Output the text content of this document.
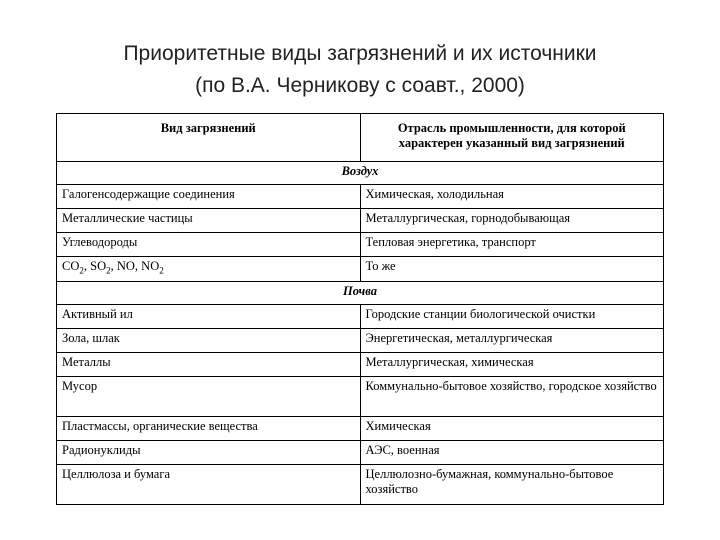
Приоритетные виды загрязнений и их источники
(по В.А. Черникову с соавт., 2000)
Вид загрязнений	Отрасль промышленности, для которой характерен указанный вид загрязнений
Воздух	
Галогенсодержащие соединения	Химическая, холодильная
Металлические частицы	Металлургическая, горнодобывающая
Углеводороды	Тепловая энергетика, транспорт
$CO_2$, $SO_2$, NO, $NO_2$	То же
Почва	
Активный ил	Городские станции биологической очистки
Зола, шлак	Энергетическая, металлургическая
Металлы	Металлургическая, химическая
Мусор	Коммунально-бытовое хозяйство, городское хозяйство
Пластмассы, органические вещества	Химическая
Радионуклиды	АЭС, военная
Целлюлоза и бумага	Целлюлозно-бумажная, коммунально-бытовое хозяйство
